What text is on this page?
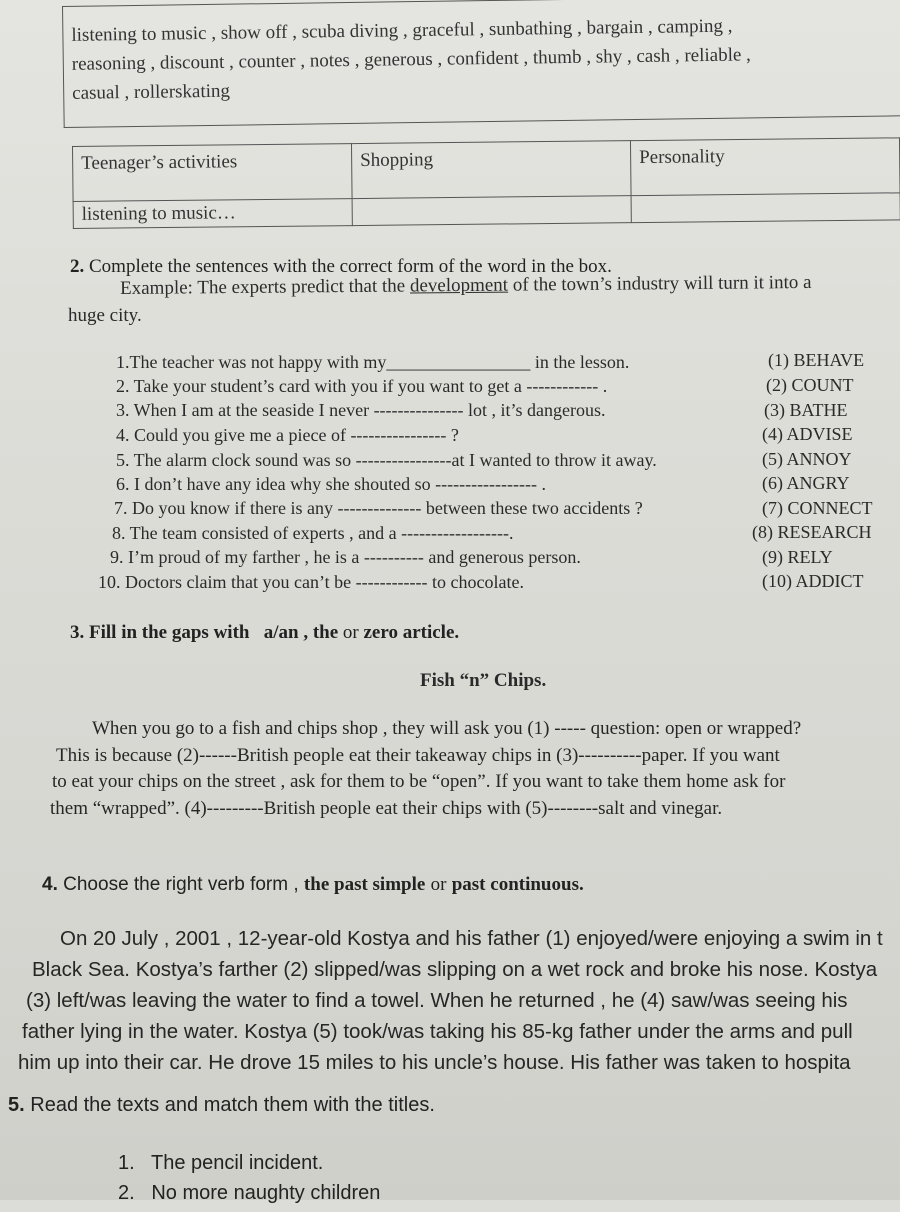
listening to music , show off , scuba diving , graceful , sunbathing , bargain , camping ,
reasoning , discount , counter , notes , generous , confident , thumb , shy , cash , reliable ,
casual , rollerskating
Teenager’s activities	Shopping	Personality
listening to music…		
2. Complete the sentences with the correct form of the word in the box.
Example: The experts predict that the development of the town’s industry will turn it into a
huge city.
1.The teacher was not happy with my________________ in the lesson.
2. Take your student’s card with you if you want to get a ------------ .
3. When I am at the seaside I never --------------- lot , it’s dangerous.
4. Could you give me a piece of ---------------- ?
5. The alarm clock sound was so ----------------at I wanted to throw it away.
6. I don’t have any idea why she shouted so ----------------- .
7. Do you know if there is any -------------- between these two accidents ?
8. The team consisted of experts , and a ------------------.
9. I’m proud of my farther , he is a ---------- and generous person.
10. Doctors claim that you can’t be ------------ to chocolate.
(1) BEHAVE
(2) COUNT
(3) BATHE
(4) ADVISE
(5) ANNOY
(6) ANGRY
(7) CONNECT
(8) RESEARCH
(9) RELY
(10) ADDICT
3. Fill in the gaps with a/an , the or zero article.
Fish “n” Chips.
When you go to a fish and chips shop , they will ask you (1) ----- question: open or wrapped?
This is because (2)------British people eat their takeaway chips in (3)----------paper. If you want
to eat your chips on the street , ask for them to be “open”. If you want to take them home ask for
them “wrapped”. (4)---------British people eat their chips with (5)--------salt and vinegar.
4. Choose the right verb form , the past simple or past continuous.
On 20 July , 2001 , 12-year-old Kostya and his father (1) enjoyed/were enjoying a swim in t
Black Sea. Kostya’s farther (2) slipped/was slipping on a wet rock and broke his nose. Kostya
(3) left/was leaving the water to find a towel. When he returned , he (4) saw/was seeing his
father lying in the water. Kostya (5) took/was taking his 85-kg father under the arms and pull
him up into their car. He drove 15 miles to his uncle’s house. His father was taken to hospita
5. Read the texts and match them with the titles.
1. The pencil incident.
2. No more naughty children
